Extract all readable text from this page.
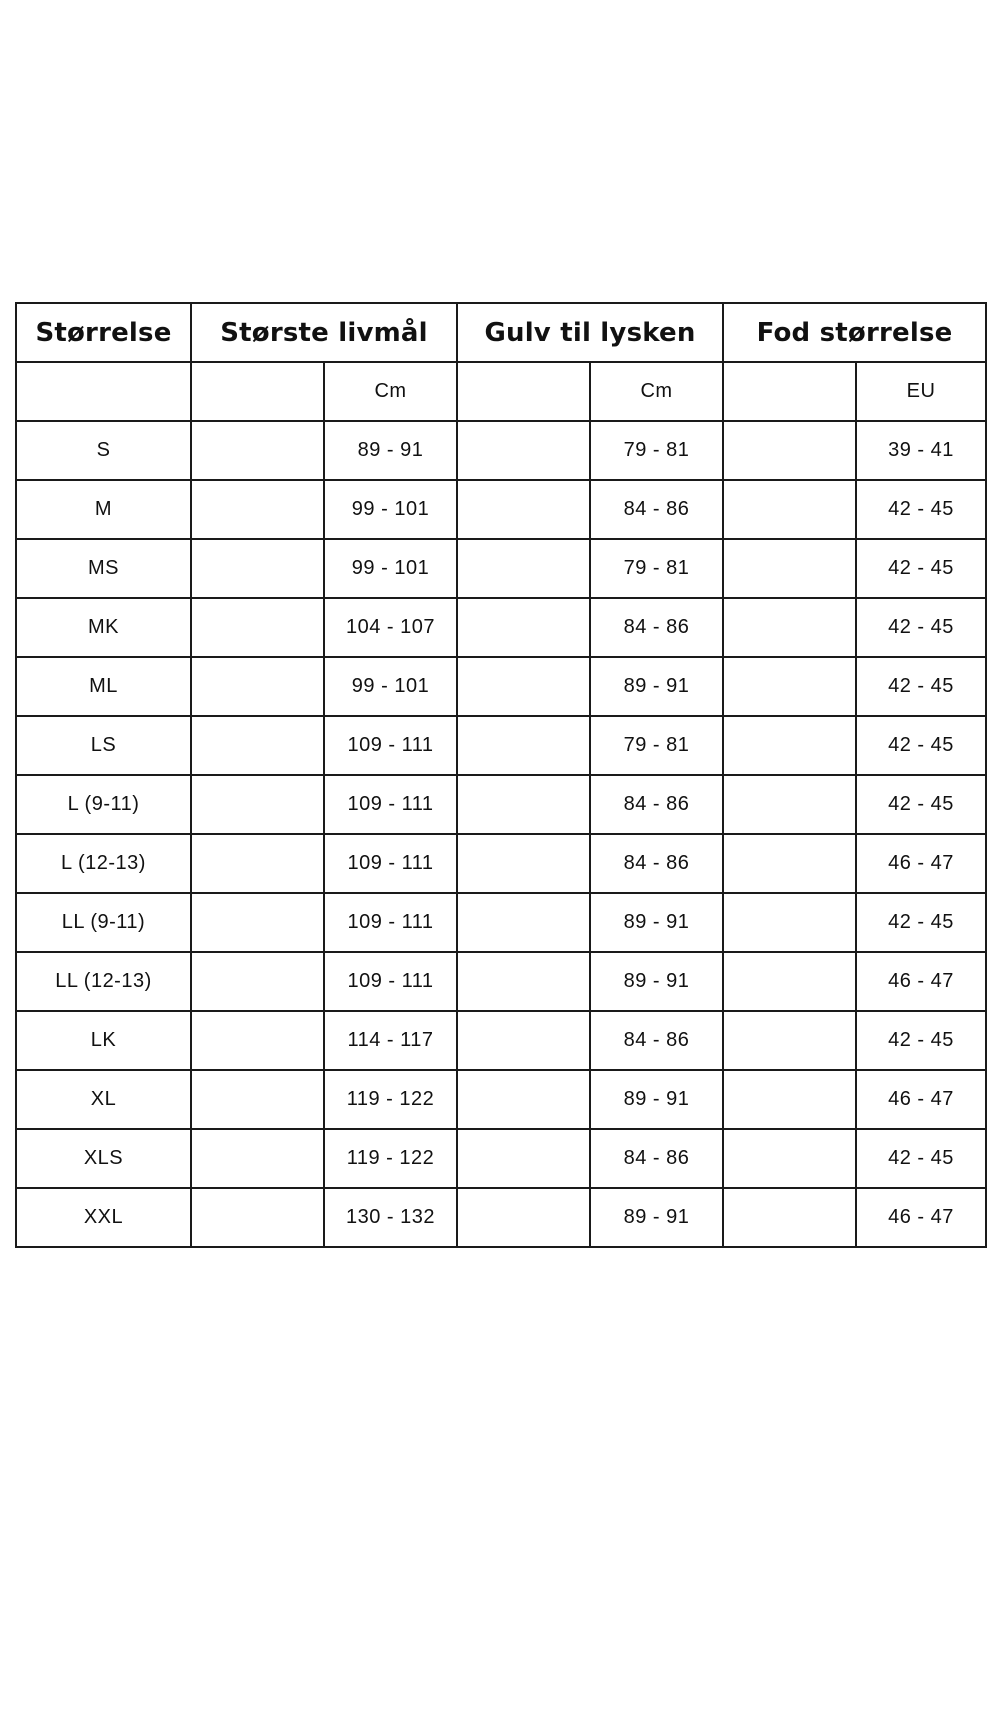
Størrelse	Største livmål		Gulv til lysken		Fod størrelse	
		Cm		Cm		EU
S		89 - 91		79 - 81		39 - 41
M		99 - 101		84 - 86		42 - 45
MS		99 - 101		79 - 81		42 - 45
MK		104 - 107		84 - 86		42 - 45
ML		99 - 101		89 - 91		42 - 45
LS		109 - 111		79 - 81		42 - 45
L (9-11)		109 - 111		84 - 86		42 - 45
L (12-13)		109 - 111		84 - 86		46 - 47
LL (9-11)		109 - 111		89 - 91		42 - 45
LL (12-13)		109 - 111		89 - 91		46 - 47
LK		114 - 117		84 - 86		42 - 45
XL		119 - 122		89 - 91		46 - 47
XLS		119 - 122		84 - 86		42 - 45
XXL		130 - 132		89 - 91		46 - 47
